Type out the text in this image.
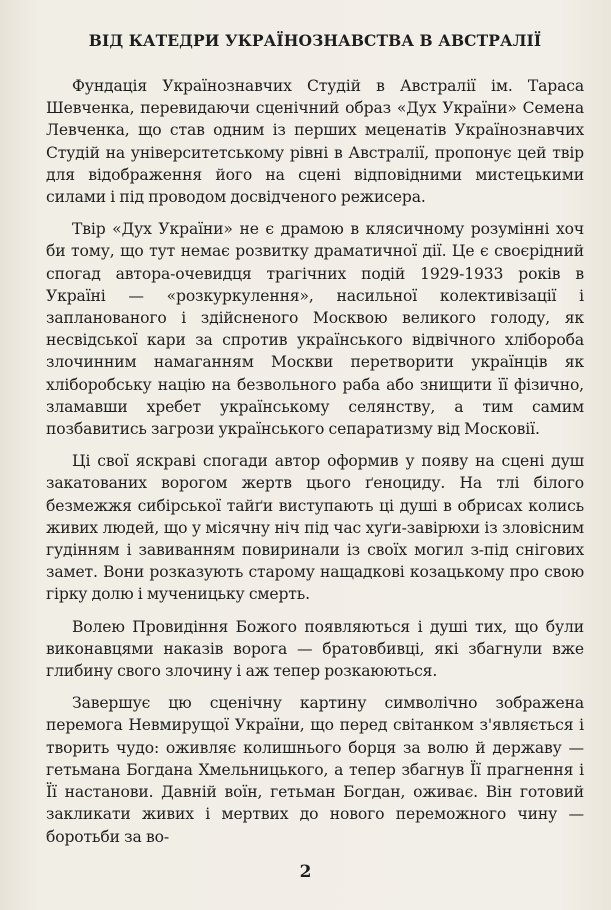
ВІД КАТЕДРИ УКРАЇНОЗНАВСТВА В АВСТРАЛІЇ

Фундація Українознавчих Студій в Австралії ім. Тараса Шевченка, перевидаючи сценічний образ «Дух України» Семена Левченка, що став одним із перших меценатів Українознавчих Студій на університетському рівні в Австралії, пропонує цей твір для відображення його на сцені відповідними мистецькими силами і під проводом досвідченого режисера.

Твір «Дух України» не є драмою в клясичному розумінні хоч би тому, що тут немає розвитку драматичної дії. Це є своєрідний спогад автора-очевидця трагічних подій 1929-1933 років в Україні — «розкуркулення», насильної колективізації і запланованого і здійсненого Москвою великого голоду, як несвідської кари за спротив українського відвічного хлібороба злочинним намаганням Москви перетворити українців як хліборобську націю на безвольного раба або знищити її фізично, зламавши хребет українському селянству, а тим самим позбавитись загрози українського сепаратизму від Московії.

Ці свої яскраві спогади автор оформив у появу на сцені душ закатованих ворогом жертв цього ґеноциду. На тлі білого безмежжя сибірської тайґи виступають ці душі в обрисах колись живих людей, що у місячну ніч під час хуґи-завірюхи із зловісним гудінням і завиванням повиринали із своїх могил з-під снігових замет. Вони розказують старому нащадкові козацькому про свою гірку долю і мученицьку смерть.

Волею Провидіння Божого появляються і душі тих, що були виконавцями наказів ворога — братовбивці, які збагнули вже глибину свого злочину і аж тепер розкаюються.

Завершує цю сценічну картину символічно зображена перемога Невмирущої України, що перед світанком з'являється і творить чудо: оживляє колишнього борця за волю й державу — гетьмана Богдана Хмельницького, а тепер збагнув Її прагнення і Її настанови. Давній воїн, гетьман Богдан, оживає. Він готовий закликати живих і мертвих до нового переможного чину — боротьби за во-

2
